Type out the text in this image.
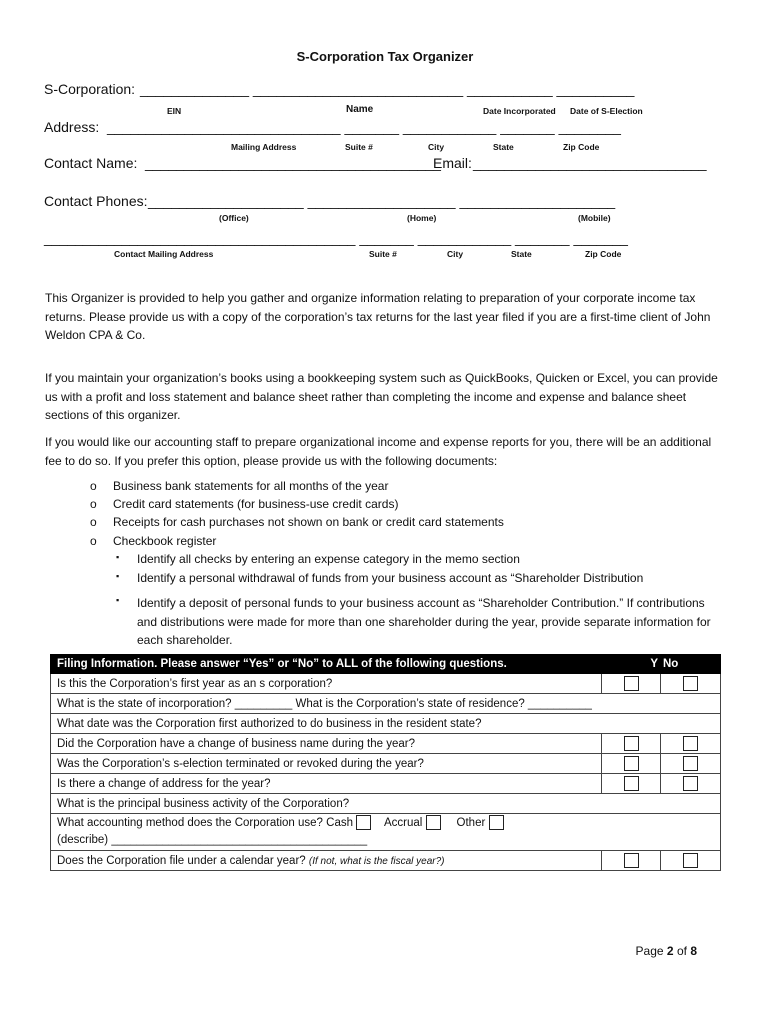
S-Corporation Tax Organizer
S-Corporation: ______________ ___________________________ ___________ __________
EIN	Name	Date Incorporated Date of S-Election
Address: ______________________________ _______ ____________ _______ ________
Mailing Address	Suite #	City	State	Zip Code
Contact Name: ______________________________________
Email: ______________________________
Contact Phones: ____________________ ___________________ ____________________
(Office)	(Home)	(Mobile)
________________________________________ _______ ____________ _______ _______
Contact Mailing Address	Suite #	City	State	Zip Code
This Organizer is provided to help you gather and organize information relating to preparation of your corporate income tax returns. Please provide us with a copy of the corporation’s tax returns for the last year filed if you are a first-time client of John Weldon CPA & Co.
If you maintain your organization’s books using a bookkeeping system such as QuickBooks, Quicken or Excel, you can provide us with a profit and loss statement and balance sheet rather than completing the income and expense and balance sheet sections of this organizer.
If you would like our accounting staff to prepare organizational income and expense reports for you, there will be an additional fee to do so. If you prefer this option, please provide us with the following documents:
o Business bank statements for all months of the year
o Credit card statements (for business-use credit cards)
o Receipts for cash purchases not shown on bank or credit card statements
o Checkbook register
▪ Identify all checks by entering an expense category in the memo section
▪ Identify a personal withdrawal of funds from your business account as “Shareholder Distribution
▪ Identify a deposit of personal funds to your business account as “Shareholder Contribution.” If contributions and distributions were made for more than one shareholder during the year, provide separate information for each shareholder.
Filing Information. Please answer “Yes” or “No” to ALL of the following questions.	Y	No
Is this the Corporation’s first year as an s corporation?		
What is the state of incorporation? _________ What is the Corporation’s state of residence? __________		
What date was the Corporation first authorized to do business in the resident state?		
Did the Corporation have a change of business name during the year?		
Was the Corporation’s s-election terminated or revoked during the year?		
Is there a change of address for the year?		
What is the principal business activity of the Corporation?		
What accounting method does the Corporation use? Cash Accrual Other
(describe) ________________________________________		
Does the Corporation file under a calendar year? (If not, what is the fiscal year?)		
Page 2 of 8
